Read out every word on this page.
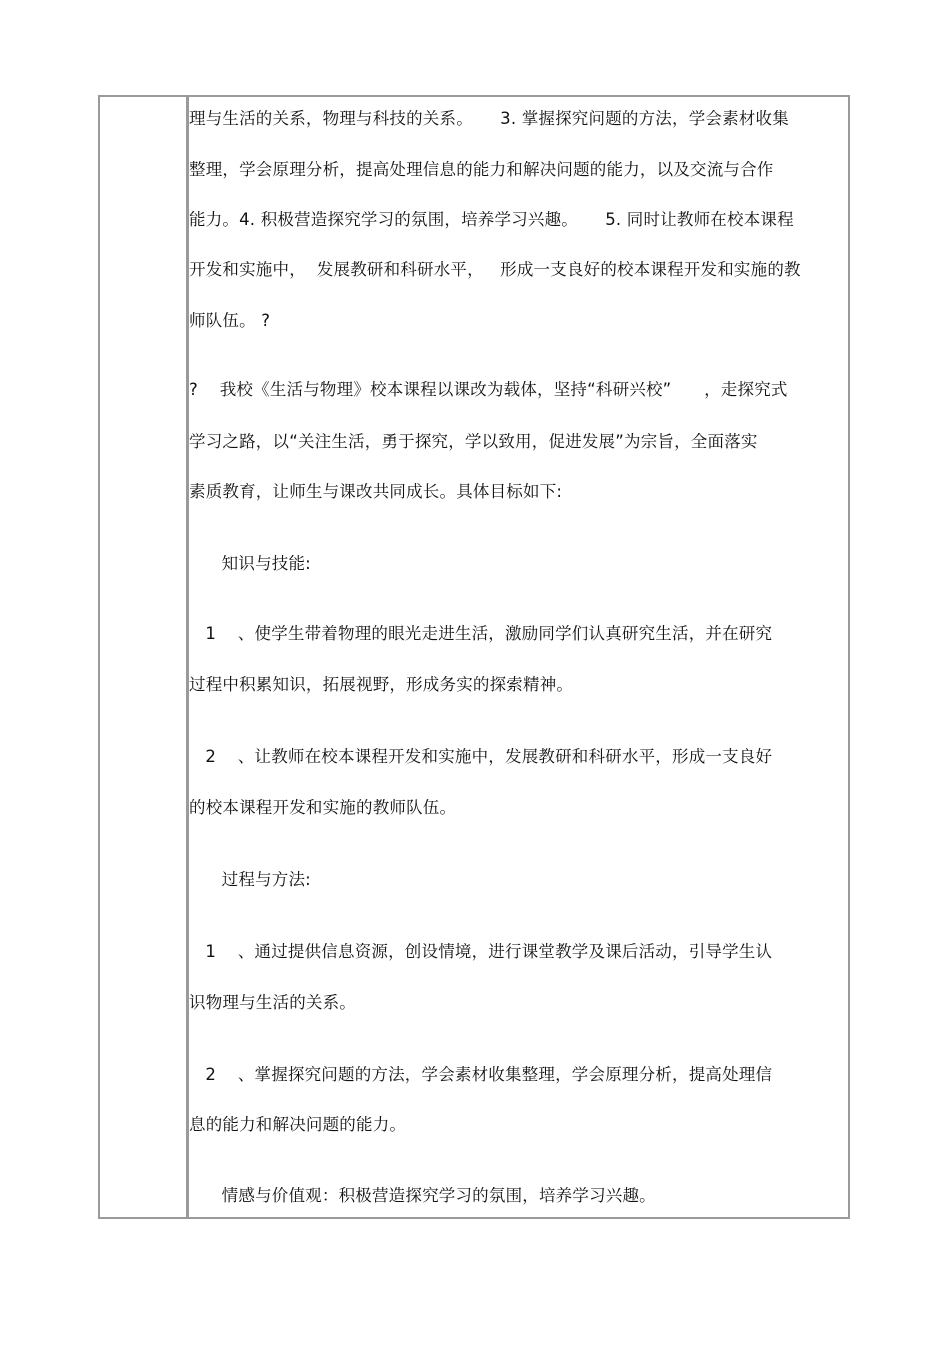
理与生活的关系，物理与科技的关系。     3. 掌握探究问题的方法，学会素材收集
整理，学会原理分析，提高处理信息的能力和解决问题的能力，以及交流与合作
能力。4. 积极营造探究学习的氛围，培养学习兴趣。     5. 同时让教师在校本课程
开发和实施中，  发展教研和科研水平，   形成一支良好的校本课程开发和实施的教
师队伍。 ?
?    我校《生活与物理》校本课程以课改为载体，坚持“科研兴校”      ，走探究式
学习之路，以“关注生活，勇于探究，学以致用，促进发展”为宗旨，全面落实
素质教育，让师生与课改共同成长。具体目标如下:
知识与技能:
1    、使学生带着物理的眼光走进生活，激励同学们认真研究生活，并在研究
过程中积累知识，拓展视野，形成务实的探索精神。
2    、让教师在校本课程开发和实施中，发展教研和科研水平，形成一支良好
的校本课程开发和实施的教师队伍。
过程与方法:
1    、通过提供信息资源，创设情境，进行课堂教学及课后活动，引导学生认
识物理与生活的关系。
2    、掌握探究问题的方法，学会素材收集整理，学会原理分析，提高处理信
息的能力和解决问题的能力。
情感与价值观：积极营造探究学习的氛围，培养学习兴趣。
